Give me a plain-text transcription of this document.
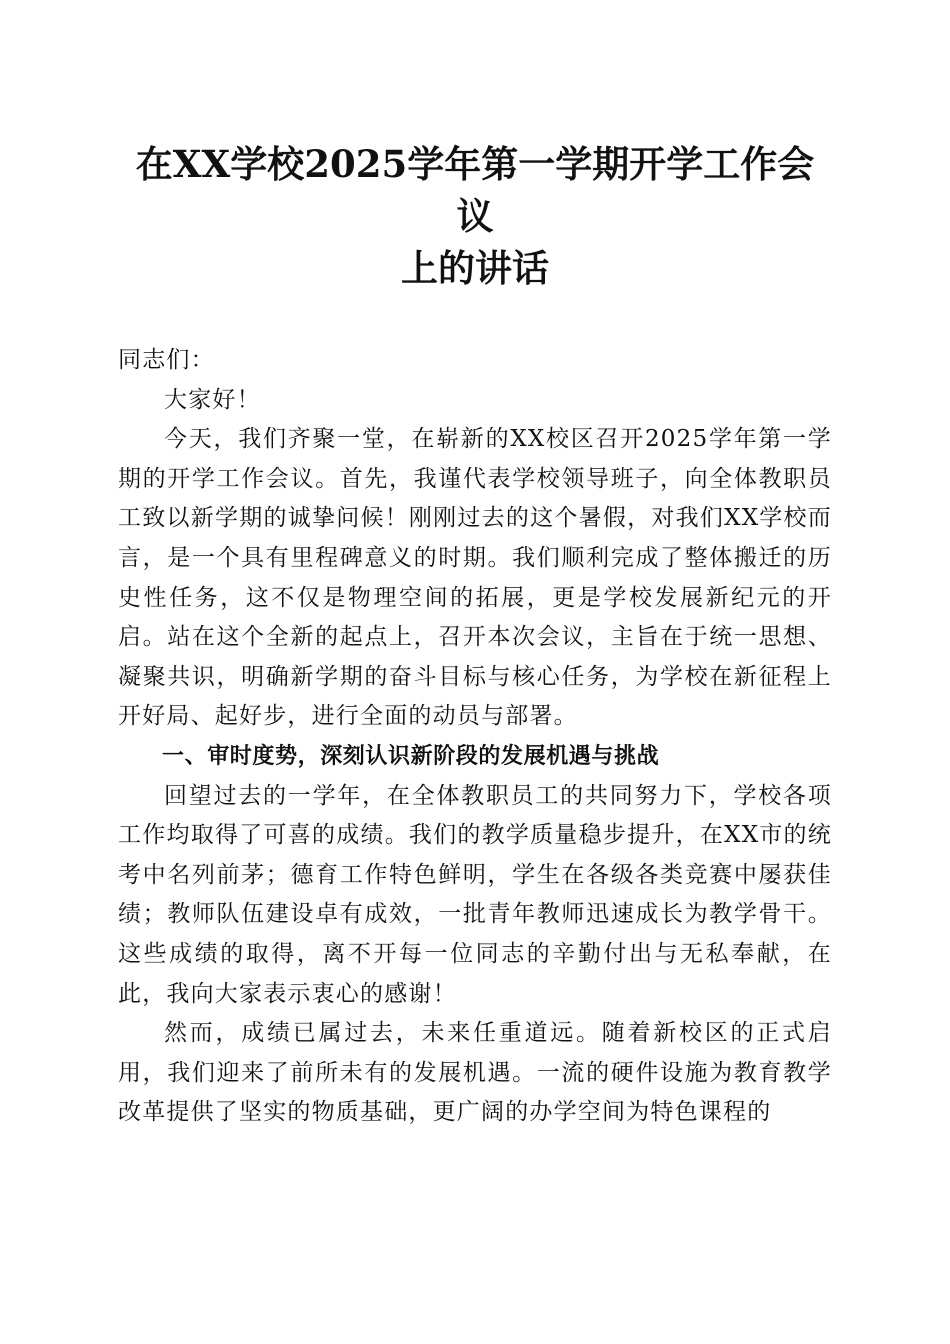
在XX学校2025学年第一学期开学工作会议
上的讲话

同志们：

大家好！

今天，我们齐聚一堂，在崭新的XX校区召开2025学年第一学期的开学工作会议。首先，我谨代表学校领导班子，向全体教职员工致以新学期的诚挚问候！刚刚过去的这个暑假，对我们XX学校而言，是一个具有里程碑意义的时期。我们顺利完成了整体搬迁的历史性任务，这不仅是物理空间的拓展，更是学校发展新纪元的开启。站在这个全新的起点上，召开本次会议，主旨在于统一思想、凝聚共识，明确新学期的奋斗目标与核心任务，为学校在新征程上开好局、起好步，进行全面的动员与部署。

一、审时度势，深刻认识新阶段的发展机遇与挑战

回望过去的一学年，在全体教职员工的共同努力下，学校各项工作均取得了可喜的成绩。我们的教学质量稳步提升，在XX市的统考中名列前茅；德育工作特色鲜明，学生在各级各类竞赛中屡获佳绩；教师队伍建设卓有成效，一批青年教师迅速成长为教学骨干。这些成绩的取得，离不开每一位同志的辛勤付出与无私奉献，在此，我向大家表示衷心的感谢！

然而，成绩已属过去，未来任重道远。随着新校区的正式启用，我们迎来了前所未有的发展机遇。一流的硬件设施为教育教学改革提供了坚实的物质基础，更广阔的办学空间为特色课程的
